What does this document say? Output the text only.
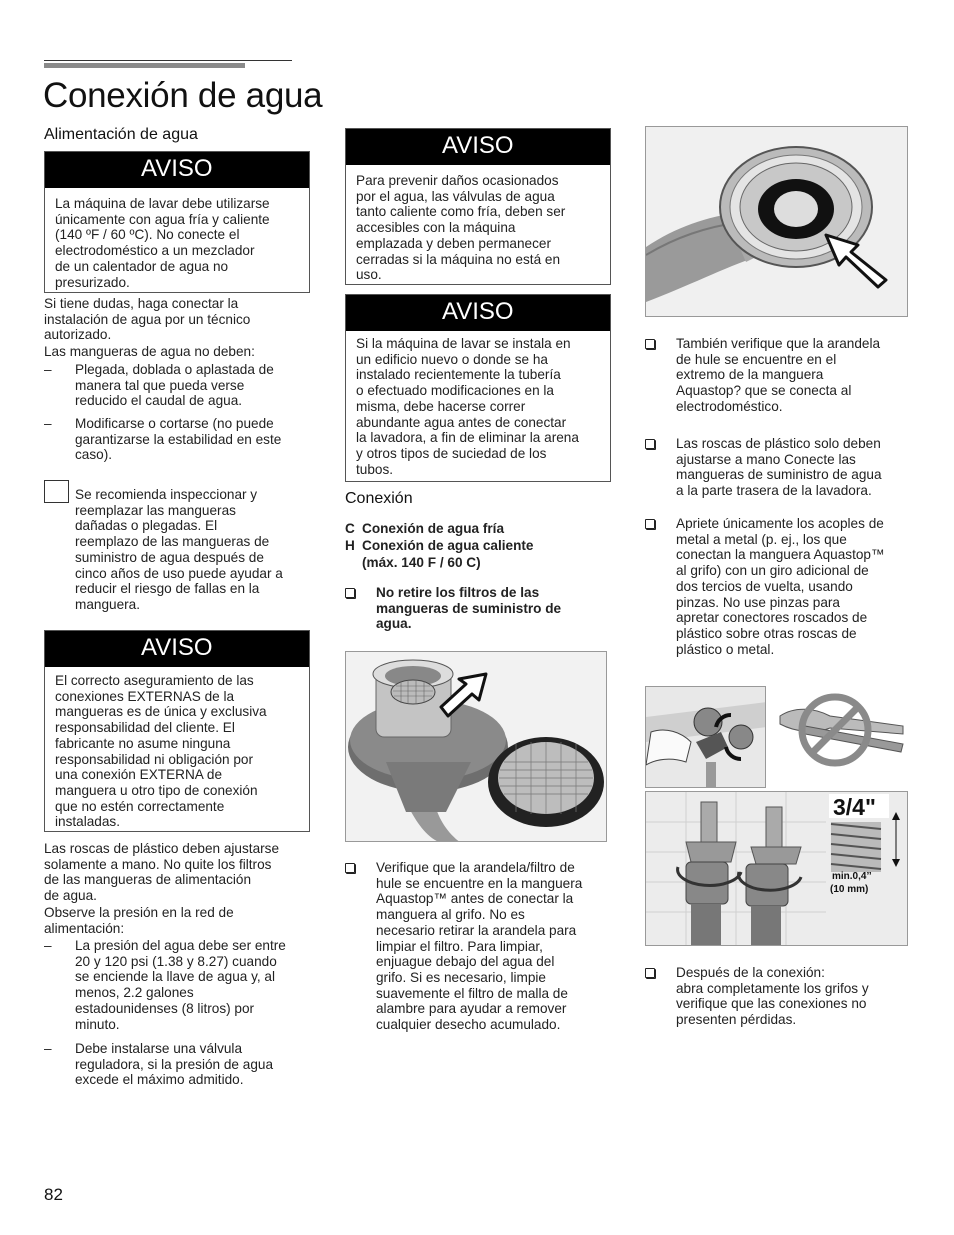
Conexión de agua
Alimentación de agua
AVISO
La máquina de lavar debe utilizarse
únicamente con agua fría y caliente
(140 ºF / 60 ºC). No conecte el
electrodoméstico a un mezclador
de un calentador de agua no
presurizado.
Si tiene dudas, haga conectar la
instalación de agua por un técnico
autorizado.
Las mangueras de agua no deben:
–	Plegada, doblada o aplastada de
manera tal que pueda verse
reducido el caudal de agua.
–	Modificarse o cortarse (no puede
garantizarse la estabilidad en este
caso).
Se recomienda inspeccionar y
reemplazar las mangueras
dañadas o plegadas. El
reemplazo de las mangueras de
suministro de agua después de
cinco años de uso puede ayudar a
reducir el riesgo de fallas en la
manguera.
AVISO
El correcto aseguramiento de las
conexiones EXTERNAS de la
mangueras es de única y exclusiva
responsabilidad del cliente. El
fabricante no asume ninguna
responsabilidad ni obligación por
una conexión EXTERNA de
manguera u otro tipo de conexión
que no estén correctamente
instaladas.
Las roscas de plástico deben ajustarse
solamente a mano. No quite los filtros
de las mangueras de alimentación
de agua.
Observe la presión en la red de
alimentación:
–	La presión del agua debe ser entre
20 y 120 psi (1.38 y 8.27) cuando
se enciende la llave de agua y, al
menos, 2.2 galones
estadounidenses (8 litros) por
minuto.
–	Debe instalarse una válvula
reguladora, si la presión de agua
excede el máximo admitido.
AVISO
Para prevenir daños ocasionados
por el agua, las válvulas de agua
tanto caliente como fría, deben ser
accesibles con la máquina
emplazada y deben permanecer
cerradas si la máquina no está en
uso.
AVISO
Si la máquina de lavar se instala en
un edificio nuevo o donde se ha
instalado recientemente la tubería
o efectuado modificaciones en la
misma, debe hacerse correr
abundante agua antes de conectar
la lavadora, a fin de eliminar la arena
y otros tipos de suciedad de los
tubos.
Conexión
C Conexión de agua fría
H Conexión de agua caliente
(máx. 140 F / 60 C)
No retire los filtros de las
mangueras de suministro de
agua.
Verifique que la arandela/filtro de
hule se encuentre en la manguera
Aquastop™ antes de conectar la
manguera al grifo. No es
necesario retirar la arandela para
limpiar el filtro. Para limpiar,
enjuague debajo del agua del
grifo. Si es necesario, limpie
suavemente el filtro de malla de
alambre para ayudar a remover
cualquier desecho acumulado.
También verifique que la arandela
de hule se encuentre en el
extremo de la manguera
Aquastop? que se conecta al
electrodoméstico.
Las roscas de plástico solo deben
ajustarse a mano Conecte las
mangueras de suministro de agua
a la parte trasera de la lavadora.
Apriete únicamente los acoples de
metal a metal (p. ej., los que
conectan la manguera Aquastop™
al grifo) con un giro adicional de
dos tercios de vuelta, usando
pinzas. No use pinzas para
apretar conectores roscados de
plástico sobre otras roscas de
plástico o metal.
3/4"
min.0,4’’
(10 mm)
Después de la conexión:
abra completamente los grifos y
verifique que las conexiones no
presenten pérdidas.
82
